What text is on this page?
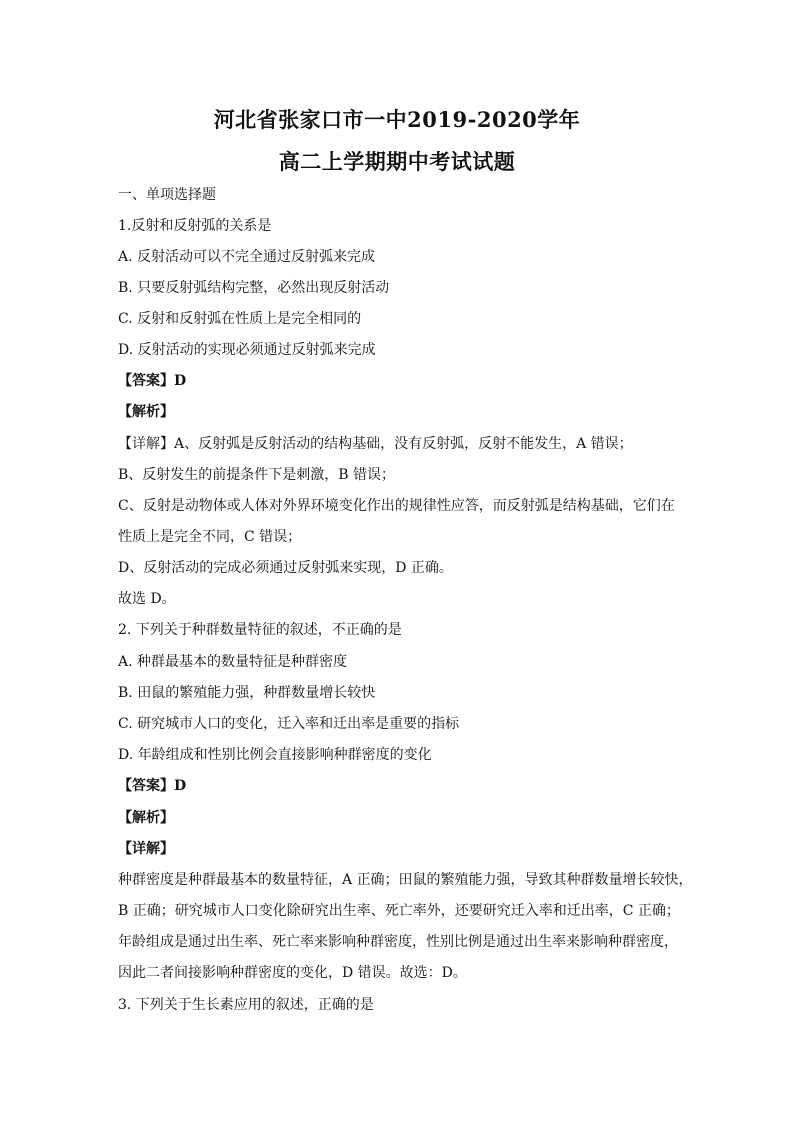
河北省张家口市一中2019-2020学年
高二上学期期中考试试题
一、单项选择题
1.反射和反射弧的关系是
A. 反射活动可以不完全通过反射弧来完成
B. 只要反射弧结构完整，必然出现反射活动
C. 反射和反射弧在性质上是完全相同的
D. 反射活动的实现必须通过反射弧来完成
【答案】D
【解析】
【详解】A、反射弧是反射活动的结构基础，没有反射弧，反射不能发生，A 错误；
B、反射发生的前提条件下是刺激，B 错误；
C、反射是动物体或人体对外界环境变化作出的规律性应答，而反射弧是结构基础，它们在
性质上是完全不同，C 错误；
D、反射活动的完成必须通过反射弧来实现，D 正确。
故选 D。
2. 下列关于种群数量特征的叙述，不正确的是
A. 种群最基本的数量特征是种群密度
B. 田鼠的繁殖能力强，种群数量增长较快
C. 研究城市人口的变化，迁入率和迁出率是重要的指标
D. 年龄组成和性别比例会直接影响种群密度的变化
【答案】D
【解析】
【详解】
种群密度是种群最基本的数量特征，A 正确；田鼠的繁殖能力强，导致其种群数量增长较快，
B 正确；研究城市人口变化除研究出生率、死亡率外，还要研究迁入率和迁出率，C 正确；
年龄组成是通过出生率、死亡率来影响种群密度，性别比例是通过出生率来影响种群密度，
因此二者间接影响种群密度的变化，D 错误。故选：D。
3. 下列关于生长素应用的叙述，正确的是
